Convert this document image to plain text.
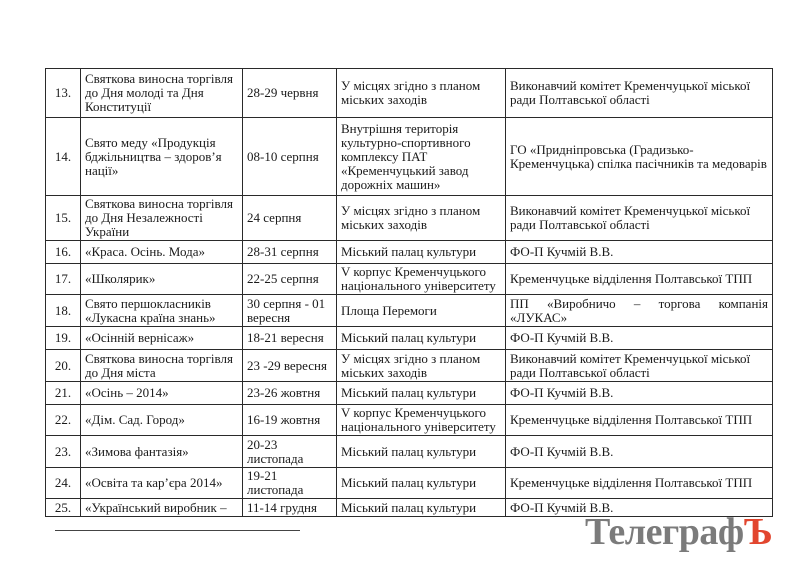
13.	Святкова виносна торгівля до Дня молоді та Дня Конституції	28-29 червня	У місцях згідно з планом міських заходів	Виконавчий комітет Кременчуцької міської ради Полтавської області
14.	Свято меду «Продукція бджільництва – здоров’я нації»	08-10 серпня	Внутрішня територія культурно-спортивного комплексу ПАТ «Кременчуцький завод дорожніх машин»	ГО «Придніпровська (Градизько-Кременчуцька) спілка пасічників та медоварів
15.	Святкова виносна торгівля до Дня Незалежності України	24 серпня	У місцях згідно з планом міських заходів	Виконавчий комітет Кременчуцької міської ради Полтавської області
16.	«Краса. Осінь. Мода»	28-31 серпня	Міський палац культури	ФО-П Кучмій В.В.
17.	«Школярик»	22-25 серпня	V корпус Кременчуцького національного університету	Кременчуцьке відділення Полтавської ТПП
18.	Свято першокласників «Лукасна країна знань»	30 серпня - 01 вересня	Площа Перемоги	ПП «Виробничо – торгова компанія «ЛУКАС»
19.	«Осінній вернісаж»	18-21 вересня	Міський палац культури	ФО-П Кучмій В.В.
20.	Святкова виносна торгівля до Дня міста	23 -29 вересня	У місцях згідно з планом міських заходів	Виконавчий комітет Кременчуцької міської ради Полтавської області
21.	«Осінь – 2014»	23-26 жовтня	Міський палац культури	ФО-П Кучмій В.В.
22.	«Дім. Сад. Город»	16-19 жовтня	V корпус Кременчуцького національного університету	Кременчуцьке відділення Полтавської ТПП
23.	«Зимова фантазія»	20-23 листопада	Міський палац культури	ФО-П Кучмій В.В.
24.	«Освіта та кар’єра 2014»	19-21 листопада	Міський палац культури	Кременчуцьке відділення Полтавської ТПП
25.	«Український виробник –	11-14 грудня	Міський палац культури	ФО-П Кучмій В.В.
ТелеграфЪ
